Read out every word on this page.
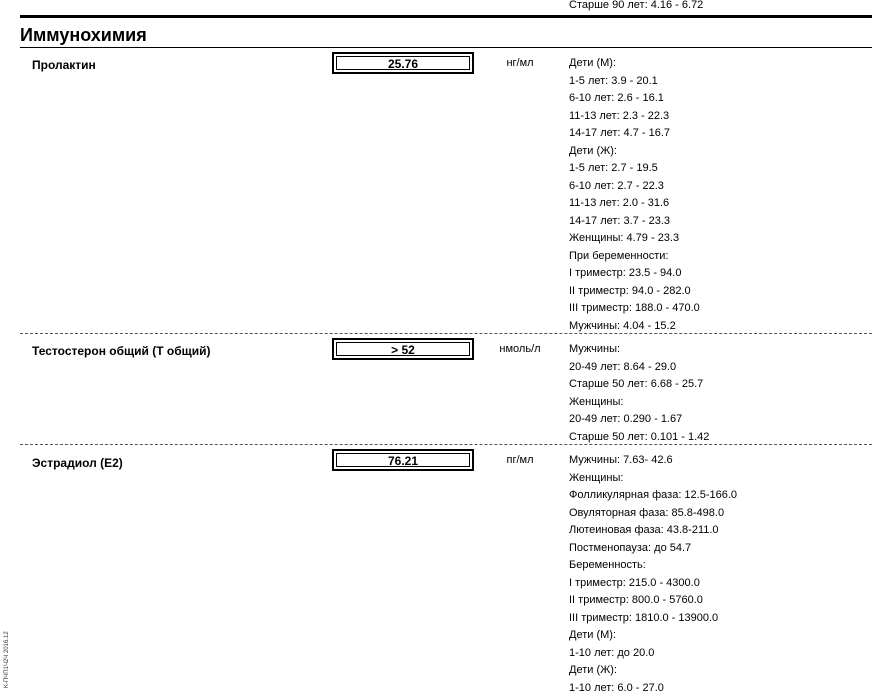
Старше 90 лет: 4.16 - 6.72
Иммунохимия
Пролактин	25.76	нг/мл	Дети (М):
1-5 лет: 3.9 - 20.1
6-10 лет: 2.6 - 16.1
11-13 лет: 2.3 - 22.3
14-17 лет: 4.7 - 16.7
Дети (Ж):
1-5 лет: 2.7 - 19.5
6-10 лет: 2.7 - 22.3
11-13 лет: 2.0 - 31.6
14-17 лет: 3.7 - 23.3
Женщины: 4.79 - 23.3
При беременности:
I триместр: 23.5 - 94.0
II триместр: 94.0 - 282.0
III триместр: 188.0 - 470.0
Мужчины: 4.04 - 15.2
Тестостерон общий (Т общий)	> 52	нмоль/л	Мужчины:
20-49 лет: 8.64 - 29.0
Старше 50 лет: 6.68 - 25.7
Женщины:
20-49 лет: 0.290 - 1.67
Старше 50 лет: 0.101 - 1.42
Эстрадиол (Е2)	76.21	пг/мл	Мужчины: 7.63- 42.6
Женщины:
Фолликулярная фаза: 12.5-166.0
Овуляторная фаза: 85.8-498.0
Лютеиновая фаза: 43.8-211.0
Постменопауза: до 54.7
Беременность:
I триместр: 215.0 - 4300.0
II триместр: 800.0 - 5760.0
III триместр: 1810.0 - 13900.0
Дети (М):
1-10 лет: до 20.0
Дети (Ж):
1-10 лет: 6.0 - 27.0
K-ПЧП1Ч2Ч 2016.12
